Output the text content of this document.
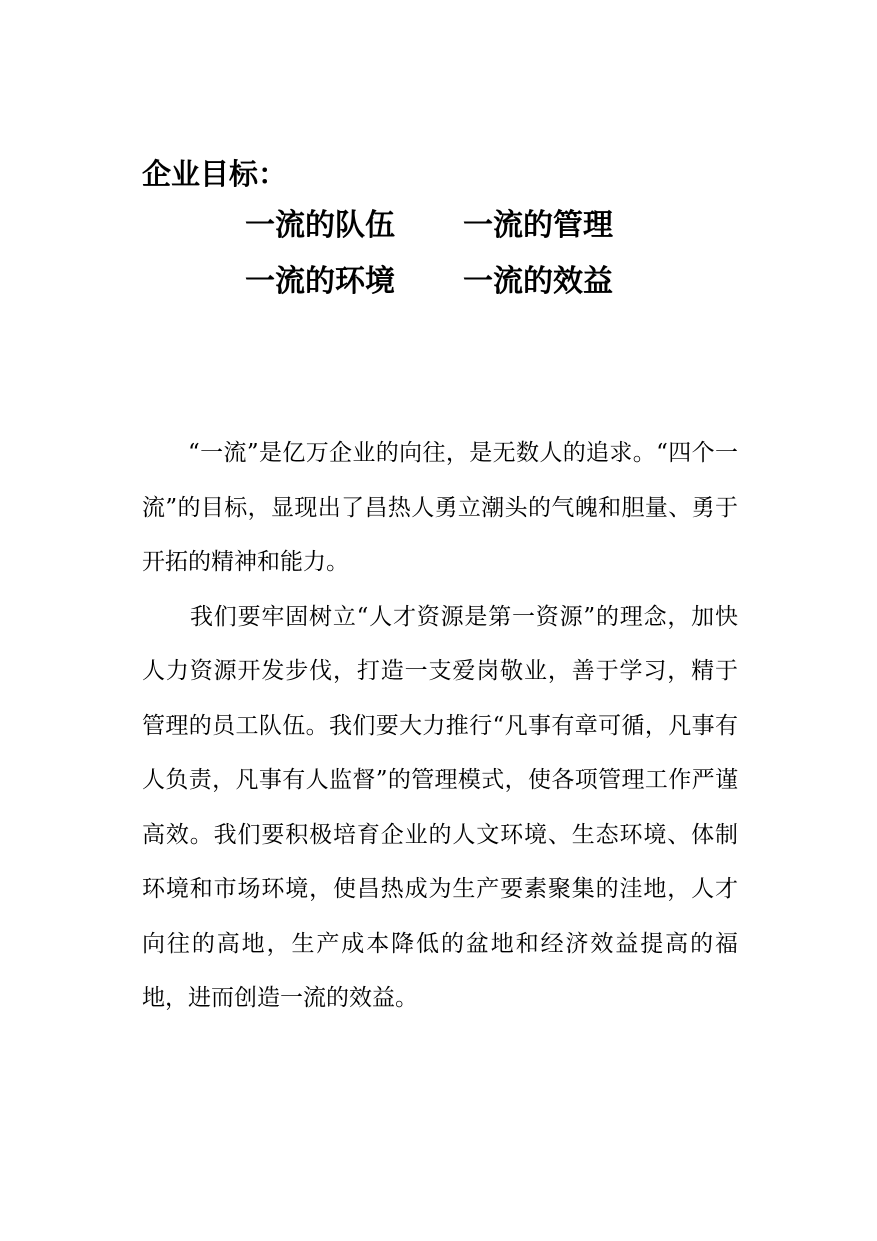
企业目标：
一流的队伍 一流的管理
一流的环境 一流的效益

“一流”是亿万企业的向往，是无数人的追求。“四个一流”的目标，显现出了昌热人勇立潮头的气魄和胆量、勇于开拓的精神和能力。

我们要牢固树立“人才资源是第一资源”的理念，加快人力资源开发步伐，打造一支爱岗敬业，善于学习，精于管理的员工队伍。我们要大力推行“凡事有章可循，凡事有人负责，凡事有人监督”的管理模式，使各项管理工作严谨高效。我们要积极培育企业的人文环境、生态环境、体制环境和市场环境，使昌热成为生产要素聚集的洼地，人才向往的高地，生产成本降低的盆地和经济效益提高的福地，进而创造一流的效益。
